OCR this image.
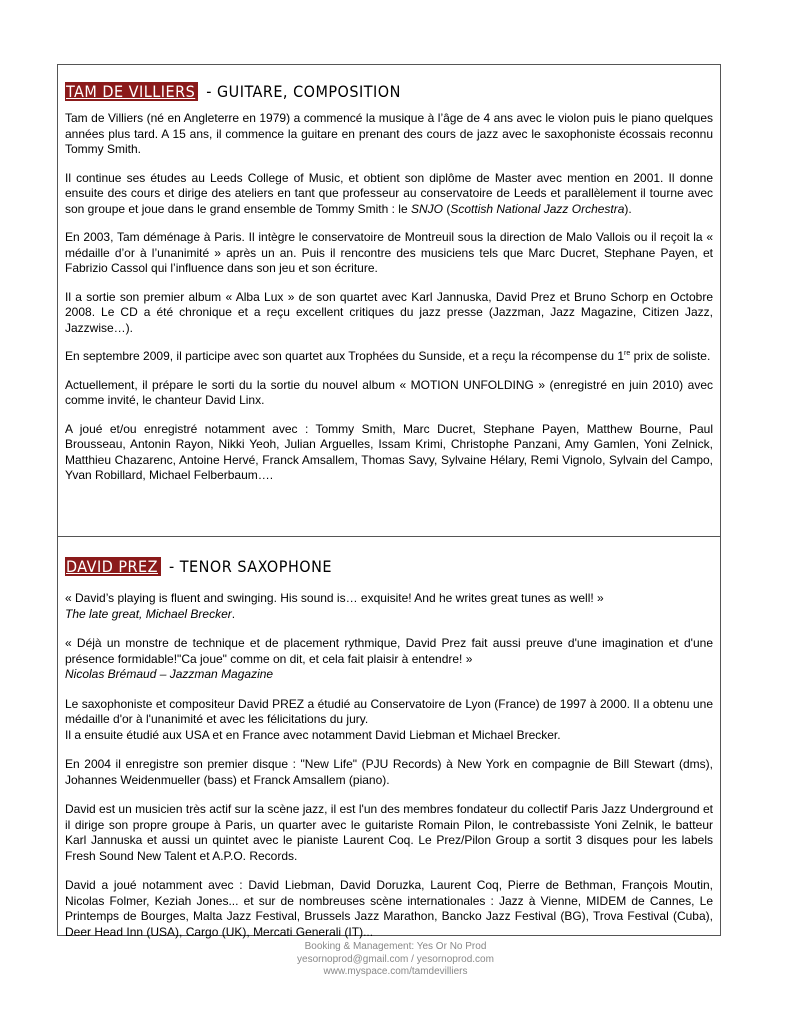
TAM DE VILLIERS - GUITARE, COMPOSITION

Tam de Villiers (né en Angleterre en 1979) a commencé la musique à l’âge de 4 ans avec le violon puis le piano quelques années plus tard. A 15 ans, il commence la guitare en prenant des cours de jazz avec le saxophoniste écossais reconnu Tommy Smith.

Il continue ses études au Leeds College of Music, et obtient son diplôme de Master avec mention en 2001. Il donne ensuite des cours et dirige des ateliers en tant que professeur au conservatoire de Leeds et parallèlement il tourne avec son groupe et joue dans le grand ensemble de Tommy Smith : le SNJO (Scottish National Jazz Orchestra).

En 2003, Tam déménage à Paris. Il intègre le conservatoire de Montreuil sous la direction de Malo Vallois ou il reçoit la « médaille d’or à l’unanimité » après un an. Puis il rencontre des musiciens tels que Marc Ducret, Stephane Payen, et Fabrizio Cassol qui l’influence dans son jeu et son écriture.

Il a sortie son premier album « Alba Lux » de son quartet avec Karl Jannuska, David Prez et Bruno Schorp en Octobre 2008. Le CD a été chronique et a reçu excellent critiques du jazz presse (Jazzman, Jazz Magazine, Citizen Jazz, Jazzwise…).

En septembre 2009, il participe avec son quartet aux Trophées du Sunside, et a reçu la récompense du 1re prix de soliste.

Actuellement, il prépare le sorti du la sortie du nouvel album « MOTION UNFOLDING » (enregistré en juin 2010) avec comme invité, le chanteur David Linx.

A joué et/ou enregistré notamment avec : Tommy Smith, Marc Ducret, Stephane Payen, Matthew Bourne, Paul Brousseau, Antonin Rayon, Nikki Yeoh, Julian Arguelles, Issam Krimi, Christophe Panzani, Amy Gamlen, Yoni Zelnick, Matthieu Chazarenc, Antoine Hervé, Franck Amsallem, Thomas Savy, Sylvaine Hélary, Remi Vignolo, Sylvain del Campo, Yvan Robillard, Michael Felberbaum….

DAVID PREZ - TENOR SAXOPHONE

« David’s playing is fluent and swinging. His sound is… exquisite! And he writes great tunes as well! »
The late great, Michael Brecker.

« Déjà un monstre de technique et de placement rythmique, David Prez fait aussi preuve d'une imagination et d'une présence formidable!"Ca joue" comme on dit, et cela fait plaisir à entendre! »
Nicolas Brémaud – Jazzman Magazine

Le saxophoniste et compositeur David PREZ a étudié au Conservatoire de Lyon (France) de 1997 à 2000. Il a obtenu une médaille d'or à l'unanimité et avec les félicitations du jury.

Il a ensuite étudié aux USA et en France avec notamment David Liebman et Michael Brecker.

En 2004 il enregistre son premier disque : "New Life" (PJU Records) à New York en compagnie de Bill Stewart (dms), Johannes Weidenmueller (bass) et Franck Amsallem (piano).

David est un musicien très actif sur la scène jazz, il est l'un des membres fondateur du collectif Paris Jazz Underground et il dirige son propre groupe à Paris, un quarter avec le guitariste Romain Pilon, le contrebassiste Yoni Zelnik, le batteur Karl Jannuska et aussi un quintet avec le pianiste Laurent Coq. Le Prez/Pilon Group a sortit 3 disques pour les labels Fresh Sound New Talent et A.P.O. Records.

David a joué notamment avec : David Liebman, David Doruzka, Laurent Coq, Pierre de Bethman, François Moutin, Nicolas Folmer, Keziah Jones... et sur de nombreuses scène internationales : Jazz à Vienne, MIDEM de Cannes, Le Printemps de Bourges, Malta Jazz Festival, Brussels Jazz Marathon, Bancko Jazz Festival (BG), Trova Festival (Cuba), Deer Head Inn (USA), Cargo (UK), Mercati Generali (IT)...

Booking & Management: Yes Or No Prod
yesornoprod@gmail.com / yesornoprod.com
www.myspace.com/tamdevilliers
